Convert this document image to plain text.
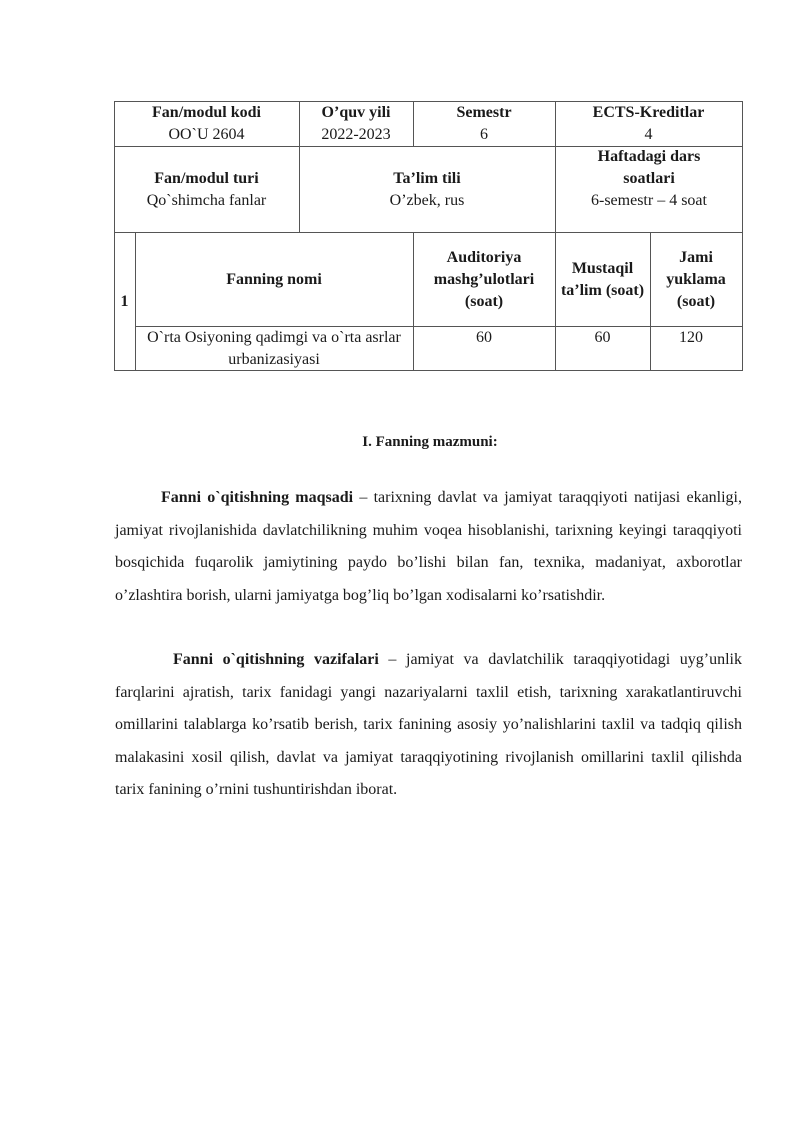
Fan/modul kodi
OO`U 2604
O’quv yili
2022-2023
Semestr
6
ECTS-Kreditlar
4
Fan/modul turi
Qo`shimcha fanlar
Ta’lim tili
O’zbek, rus
Haftadagi dars soatlari
6-semestr – 4 soat
1
Fanning nomi
Auditoriya mashg’ulotlari (soat)
Mustaqil ta’lim (soat)
Jami yuklama (soat)
O`rta Osiyoning qadimgi va o`rta asrlar urbanizasiyasi
60	60	120
I. Fanning mazmuni:

Fanni o`qitishning maqsadi – tarixning davlat va jamiyat taraqqiyoti natijasi ekanligi, jamiyat rivojlanishida davlatchilikning muhim voqea hisoblanishi, tarixning keyingi taraqqiyoti bosqichida fuqarolik jamiytining paydo bo’lishi bilan fan, texnika, madaniyat, axborotlar o’zlashtira borish, ularni jamiyatga bog’liq bo’lgan xodisalarni ko’rsatishdir.

Fanni o`qitishning vazifalari – jamiyat va davlatchilik taraqqiyotidagi uyg’unlik farqlarini ajratish, tarix fanidagi yangi nazariyalarni taxlil etish, tarixning xarakatlantiruvchi omillarini talablarga ko’rsatib berish, tarix fanining asosiy yo’nalishlarini taxlil va tadqiq qilish malakasini xosil qilish, davlat va jamiyat taraqqiyotining rivojlanish omillarini taxlil qilishda tarix fanining o’rnini tushuntirishdan iborat.
